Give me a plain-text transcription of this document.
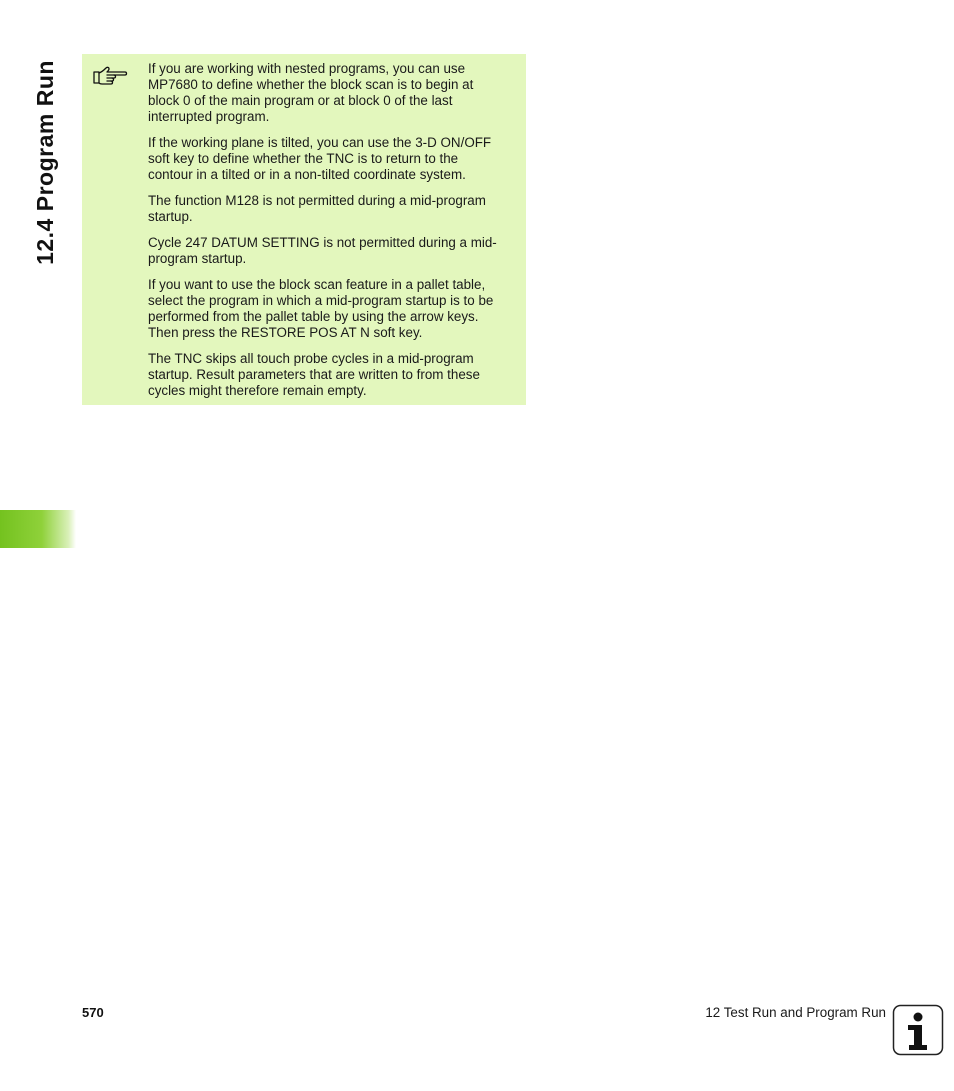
12.4 Program Run	If you are working with nested programs, you can use
MP7680 to define whether the block scan is to begin at
block 0 of the main program or at block 0 of the last
interrupted program.

If the working plane is tilted, you can use the 3-D ON/OFF
soft key to define whether the TNC is to return to the
contour in a tilted or in a non-tilted coordinate system.

The function M128 is not permitted during a mid-program
startup.

Cycle 247 DATUM SETTING is not permitted during a mid-
program startup.

If you want to use the block scan feature in a pallet table,
select the program in which a mid-program startup is to be
performed from the pallet table by using the arrow keys.
Then press the RESTORE POS AT N soft key.

The TNC skips all touch probe cycles in a mid-program
startup. Result parameters that are written to from these
cycles might therefore remain empty.

570	12 Test Run and Program Run
